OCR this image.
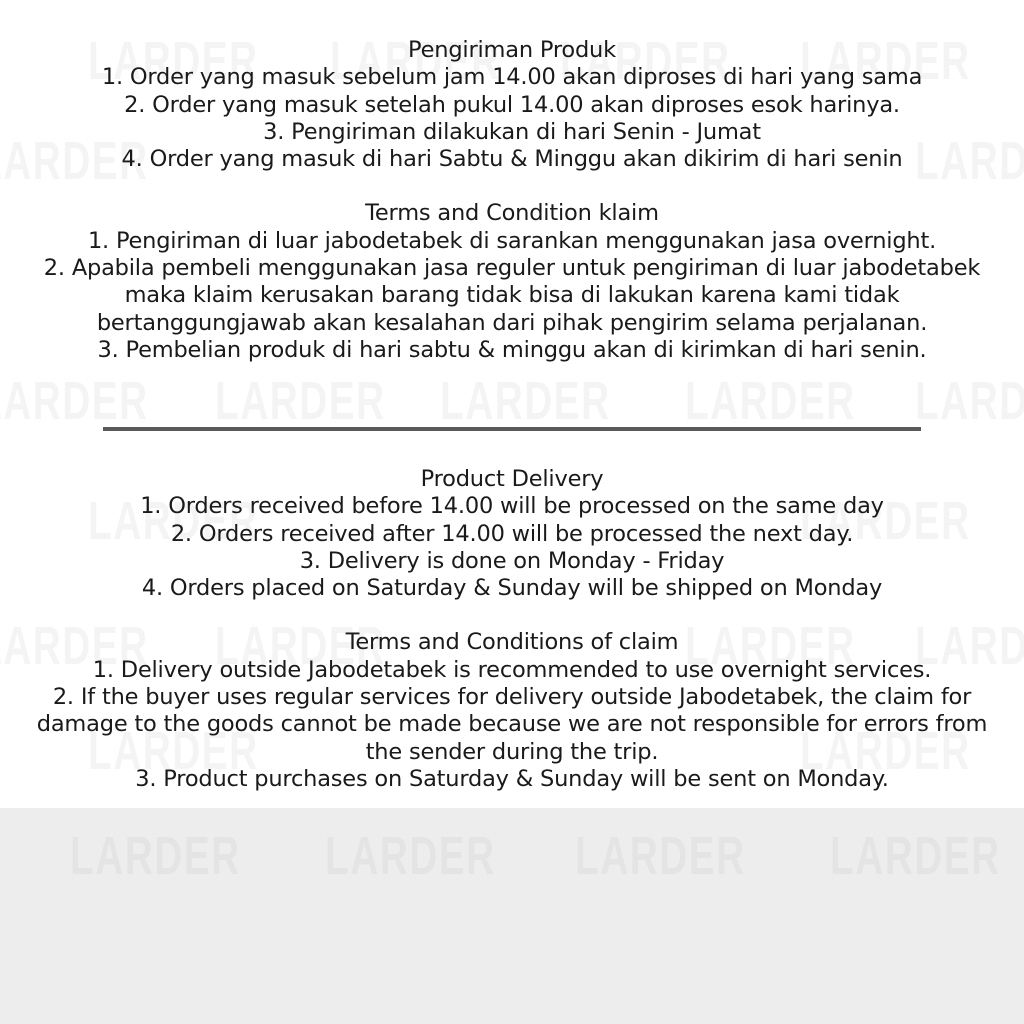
Pengiriman Produk
1. Order yang masuk sebelum jam 14.00 akan diproses di hari yang sama
2. Order yang masuk setelah pukul 14.00 akan diproses esok harinya.
3. Pengiriman dilakukan di hari Senin - Jumat
4. Order yang masuk di hari Sabtu & Minggu akan dikirim di hari senin
Terms and Condition klaim
1. Pengiriman di luar jabodetabek di sarankan menggunakan jasa overnight.
2. Apabila pembeli menggunakan jasa reguler untuk pengiriman di luar jabodetabek maka klaim kerusakan barang tidak bisa di lakukan karena kami tidak bertanggungjawab akan kesalahan dari pihak pengirim selama perjalanan.
3. Pembelian produk di hari sabtu & minggu akan di kirimkan di hari senin.
Product Delivery
1. Orders received before 14.00 will be processed on the same day
2. Orders received after 14.00 will be processed the next day.
3. Delivery is done on Monday - Friday
4. Orders placed on Saturday & Sunday will be shipped on Monday
Terms and Conditions of claim
1. Delivery outside Jabodetabek is recommended to use overnight services.
2. If the buyer uses regular services for delivery outside Jabodetabek, the claim for damage to the goods cannot be made because we are not responsible for errors from the sender during the trip.
3. Product purchases on Saturday & Sunday will be sent on Monday.
